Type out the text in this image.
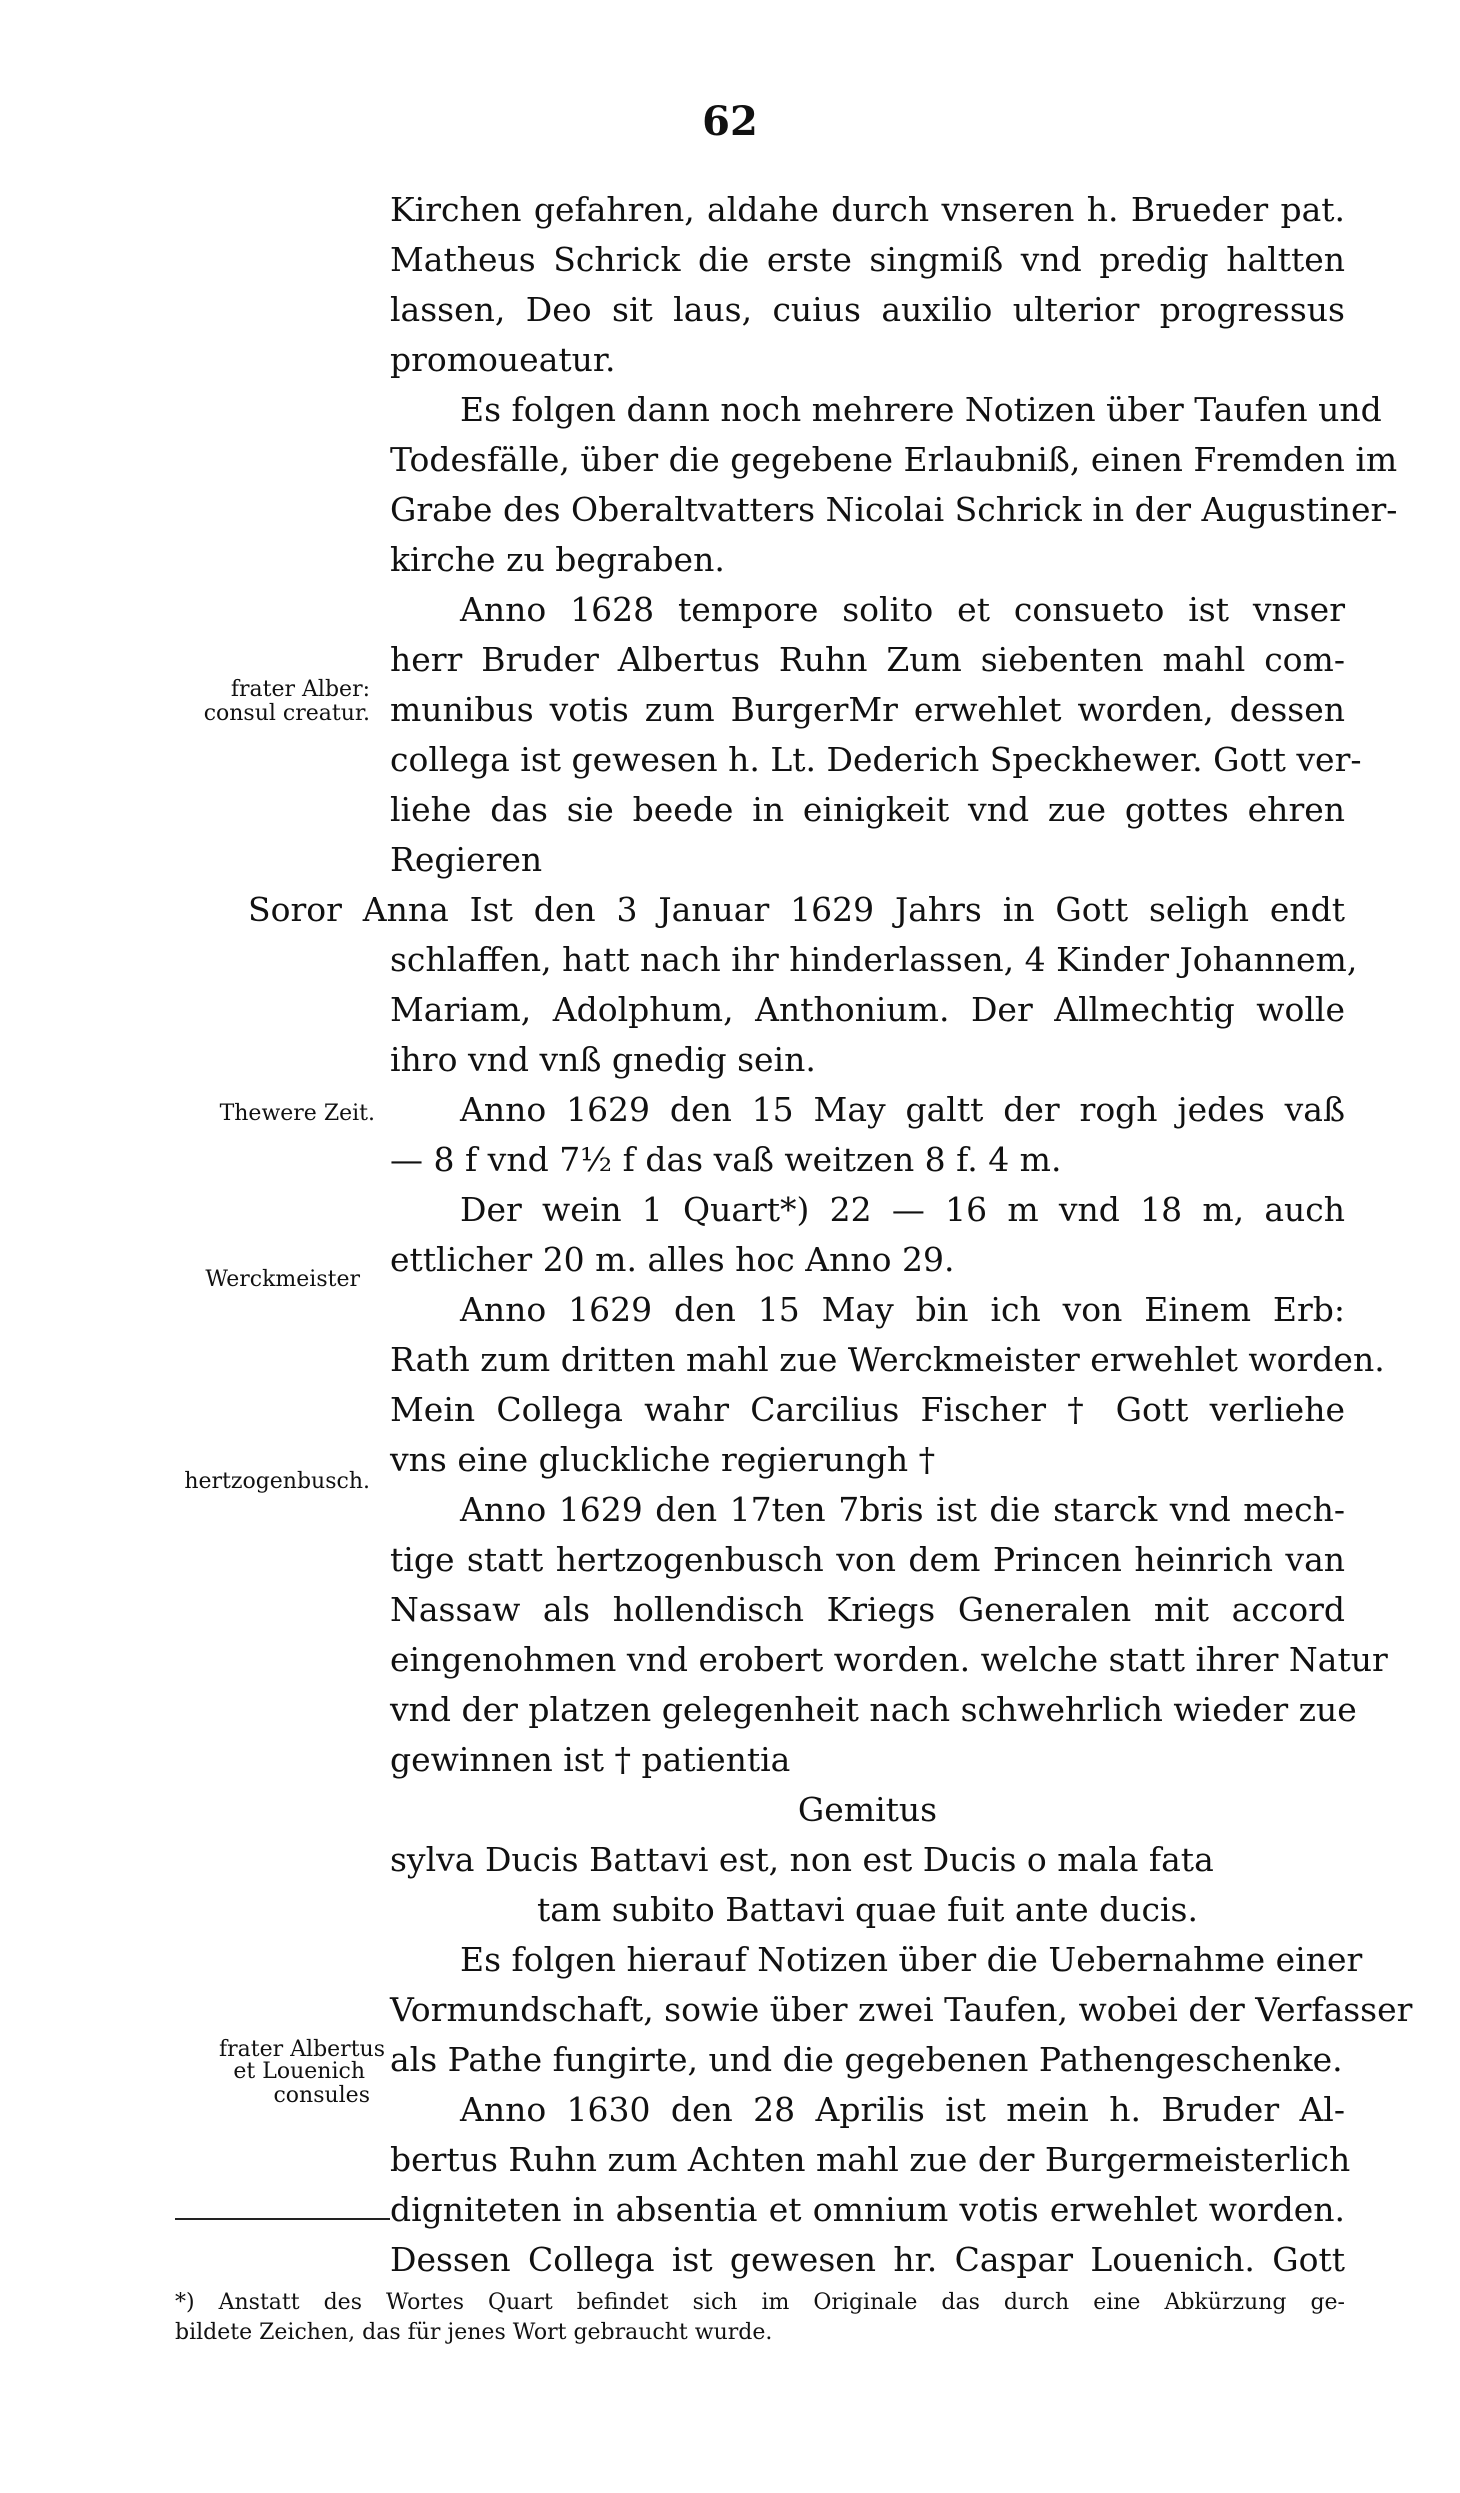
62
Kirchen gefahren, aldahe durch vnseren h. Brueder pat.
Matheus Schrick die erste singmiß vnd predig haltten
lassen, Deo sit laus, cuius auxilio ulterior progressus
promoueatur.
Es folgen dann noch mehrere Notizen über Taufen und
Todesfälle, über die gegebene Erlaubniß, einen Fremden im
Grabe des Oberaltvatters Nicolai Schrick in der Augustiner-
kirche zu begraben.
Anno 1628 tempore solito et consueto ist vnser
herr Bruder Albertus Ruhn Zum siebenten mahl com-
munibus votis zum BurgerMr erwehlet worden, dessen
collega ist gewesen h. Lt. Dederich Speckhewer. Gott ver-
liehe das sie beede in einigkeit vnd zue gottes ehren
Regieren
Soror Anna Ist den 3 Januar 1629 Jahrs in Gott seligh endt
schlaffen, hatt nach ihr hinderlassen, 4 Kinder Johannem,
Mariam, Adolphum, Anthonium. Der Allmechtig wolle
ihro vnd vnß gnedig sein.
Anno 1629 den 15 May galtt der rogh jedes vaß
— 8 f vnd 7½ f das vaß weitzen 8 f. 4 m.
Der wein 1 Quart*) 22 — 16 m vnd 18 m, auch
ettlicher 20 m. alles hoc Anno 29.
Anno 1629 den 15 May bin ich von Einem Erb:
Rath zum dritten mahl zue Werckmeister erwehlet worden.
Mein Collega wahr Carcilius Fischer † Gott verliehe
vns eine gluckliche regierungh †
Anno 1629 den 17ten 7bris ist die starck vnd mech-
tige statt hertzogenbusch von dem Princen heinrich van
Nassaw als hollendisch Kriegs Generalen mit accord
eingenohmen vnd erobert worden. welche statt ihrer Natur
vnd der platzen gelegenheit nach schwehrlich wieder zue
gewinnen ist † patientia
Gemitus
sylva Ducis Battavi est, non est Ducis o mala fata
tam subito Battavi quae fuit ante ducis.
Es folgen hierauf Notizen über die Uebernahme einer
Vormundschaft, sowie über zwei Taufen, wobei der Verfasser
als Pathe fungirte, und die gegebenen Pathengeschenke.
Anno 1630 den 28 Aprilis ist mein h. Bruder Al-
bertus Ruhn zum Achten mahl zue der Burgermeisterlich
digniteten in absentia et omnium votis erwehlet worden.
Dessen Collega ist gewesen hr. Caspar Louenich. Gott
frater Alber:
consul creatur.
Thewere Zeit.
Werckmeister
hertzogenbusch.
frater Albertus
et Louenich
consules
*) Anstatt des Wortes Quart befindet sich im Originale das durch eine Abkürzung ge-
bildete Zeichen, das für jenes Wort gebraucht wurde.
